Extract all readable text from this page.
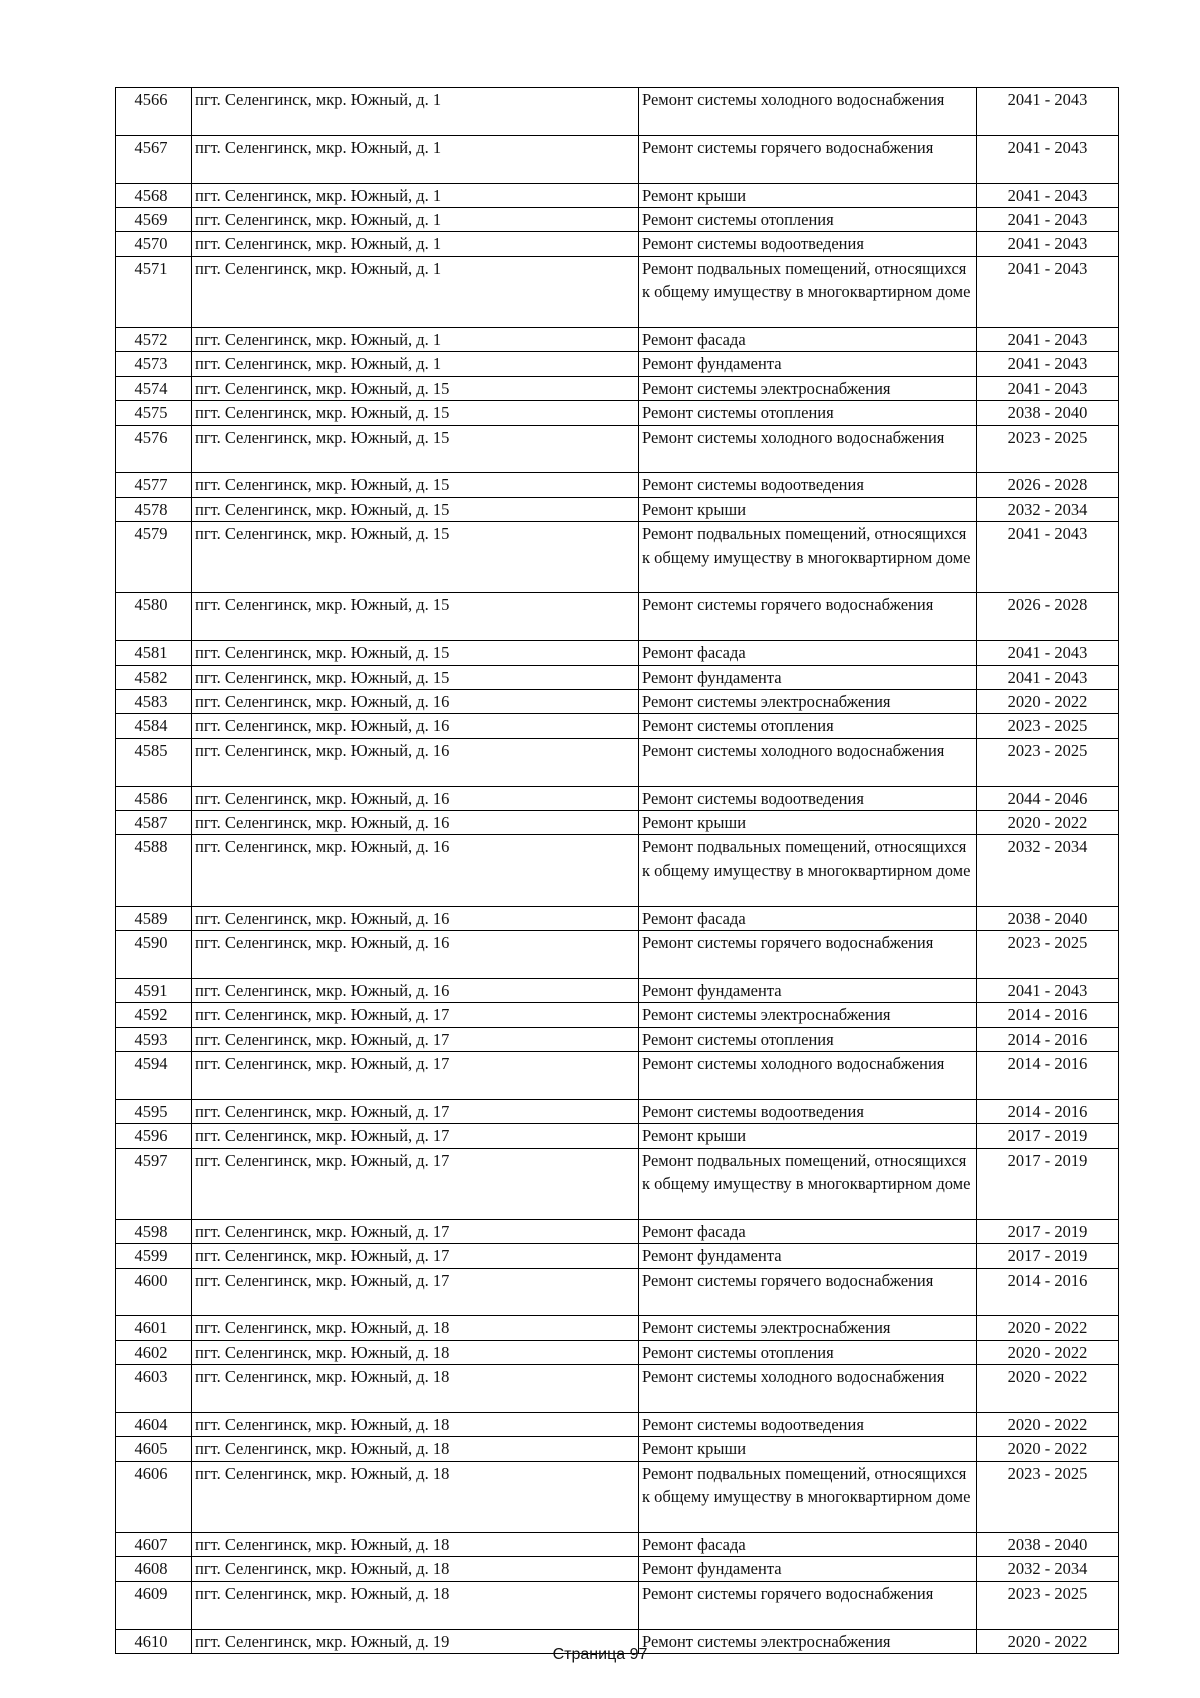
4566	пгт. Селенгинск, мкр. Южный, д. 1	Ремонт системы холодного водоснабжения	2041 - 2043
4567	пгт. Селенгинск, мкр. Южный, д. 1	Ремонт системы горячего водоснабжения	2041 - 2043
4568	пгт. Селенгинск, мкр. Южный, д. 1	Ремонт крыши	2041 - 2043
4569	пгт. Селенгинск, мкр. Южный, д. 1	Ремонт системы отопления	2041 - 2043
4570	пгт. Селенгинск, мкр. Южный, д. 1	Ремонт системы водоотведения	2041 - 2043
4571	пгт. Селенгинск, мкр. Южный, д. 1	Ремонт подвальных помещений, относящихся к общему имуществу в многоквартирном доме	2041 - 2043
4572	пгт. Селенгинск, мкр. Южный, д. 1	Ремонт фасада	2041 - 2043
4573	пгт. Селенгинск, мкр. Южный, д. 1	Ремонт фундамента	2041 - 2043
4574	пгт. Селенгинск, мкр. Южный, д. 15	Ремонт системы электроснабжения	2041 - 2043
4575	пгт. Селенгинск, мкр. Южный, д. 15	Ремонт системы отопления	2038 - 2040
4576	пгт. Селенгинск, мкр. Южный, д. 15	Ремонт системы холодного водоснабжения	2023 - 2025
4577	пгт. Селенгинск, мкр. Южный, д. 15	Ремонт системы водоотведения	2026 - 2028
4578	пгт. Селенгинск, мкр. Южный, д. 15	Ремонт крыши	2032 - 2034
4579	пгт. Селенгинск, мкр. Южный, д. 15	Ремонт подвальных помещений, относящихся к общему имуществу в многоквартирном доме	2041 - 2043
4580	пгт. Селенгинск, мкр. Южный, д. 15	Ремонт системы горячего водоснабжения	2026 - 2028
4581	пгт. Селенгинск, мкр. Южный, д. 15	Ремонт фасада	2041 - 2043
4582	пгт. Селенгинск, мкр. Южный, д. 15	Ремонт фундамента	2041 - 2043
4583	пгт. Селенгинск, мкр. Южный, д. 16	Ремонт системы электроснабжения	2020 - 2022
4584	пгт. Селенгинск, мкр. Южный, д. 16	Ремонт системы отопления	2023 - 2025
4585	пгт. Селенгинск, мкр. Южный, д. 16	Ремонт системы холодного водоснабжения	2023 - 2025
4586	пгт. Селенгинск, мкр. Южный, д. 16	Ремонт системы водоотведения	2044 - 2046
4587	пгт. Селенгинск, мкр. Южный, д. 16	Ремонт крыши	2020 - 2022
4588	пгт. Селенгинск, мкр. Южный, д. 16	Ремонт подвальных помещений, относящихся к общему имуществу в многоквартирном доме	2032 - 2034
4589	пгт. Селенгинск, мкр. Южный, д. 16	Ремонт фасада	2038 - 2040
4590	пгт. Селенгинск, мкр. Южный, д. 16	Ремонт системы горячего водоснабжения	2023 - 2025
4591	пгт. Селенгинск, мкр. Южный, д. 16	Ремонт фундамента	2041 - 2043
4592	пгт. Селенгинск, мкр. Южный, д. 17	Ремонт системы электроснабжения	2014 - 2016
4593	пгт. Селенгинск, мкр. Южный, д. 17	Ремонт системы отопления	2014 - 2016
4594	пгт. Селенгинск, мкр. Южный, д. 17	Ремонт системы холодного водоснабжения	2014 - 2016
4595	пгт. Селенгинск, мкр. Южный, д. 17	Ремонт системы водоотведения	2014 - 2016
4596	пгт. Селенгинск, мкр. Южный, д. 17	Ремонт крыши	2017 - 2019
4597	пгт. Селенгинск, мкр. Южный, д. 17	Ремонт подвальных помещений, относящихся к общему имуществу в многоквартирном доме	2017 - 2019
4598	пгт. Селенгинск, мкр. Южный, д. 17	Ремонт фасада	2017 - 2019
4599	пгт. Селенгинск, мкр. Южный, д. 17	Ремонт фундамента	2017 - 2019
4600	пгт. Селенгинск, мкр. Южный, д. 17	Ремонт системы горячего водоснабжения	2014 - 2016
4601	пгт. Селенгинск, мкр. Южный, д. 18	Ремонт системы электроснабжения	2020 - 2022
4602	пгт. Селенгинск, мкр. Южный, д. 18	Ремонт системы отопления	2020 - 2022
4603	пгт. Селенгинск, мкр. Южный, д. 18	Ремонт системы холодного водоснабжения	2020 - 2022
4604	пгт. Селенгинск, мкр. Южный, д. 18	Ремонт системы водоотведения	2020 - 2022
4605	пгт. Селенгинск, мкр. Южный, д. 18	Ремонт крыши	2020 - 2022
4606	пгт. Селенгинск, мкр. Южный, д. 18	Ремонт подвальных помещений, относящихся к общему имуществу в многоквартирном доме	2023 - 2025
4607	пгт. Селенгинск, мкр. Южный, д. 18	Ремонт фасада	2038 - 2040
4608	пгт. Селенгинск, мкр. Южный, д. 18	Ремонт фундамента	2032 - 2034
4609	пгт. Селенгинск, мкр. Южный, д. 18	Ремонт системы горячего водоснабжения	2023 - 2025
4610	пгт. Селенгинск, мкр. Южный, д. 19	Ремонт системы электроснабжения	2020 - 2022
Страница 97
